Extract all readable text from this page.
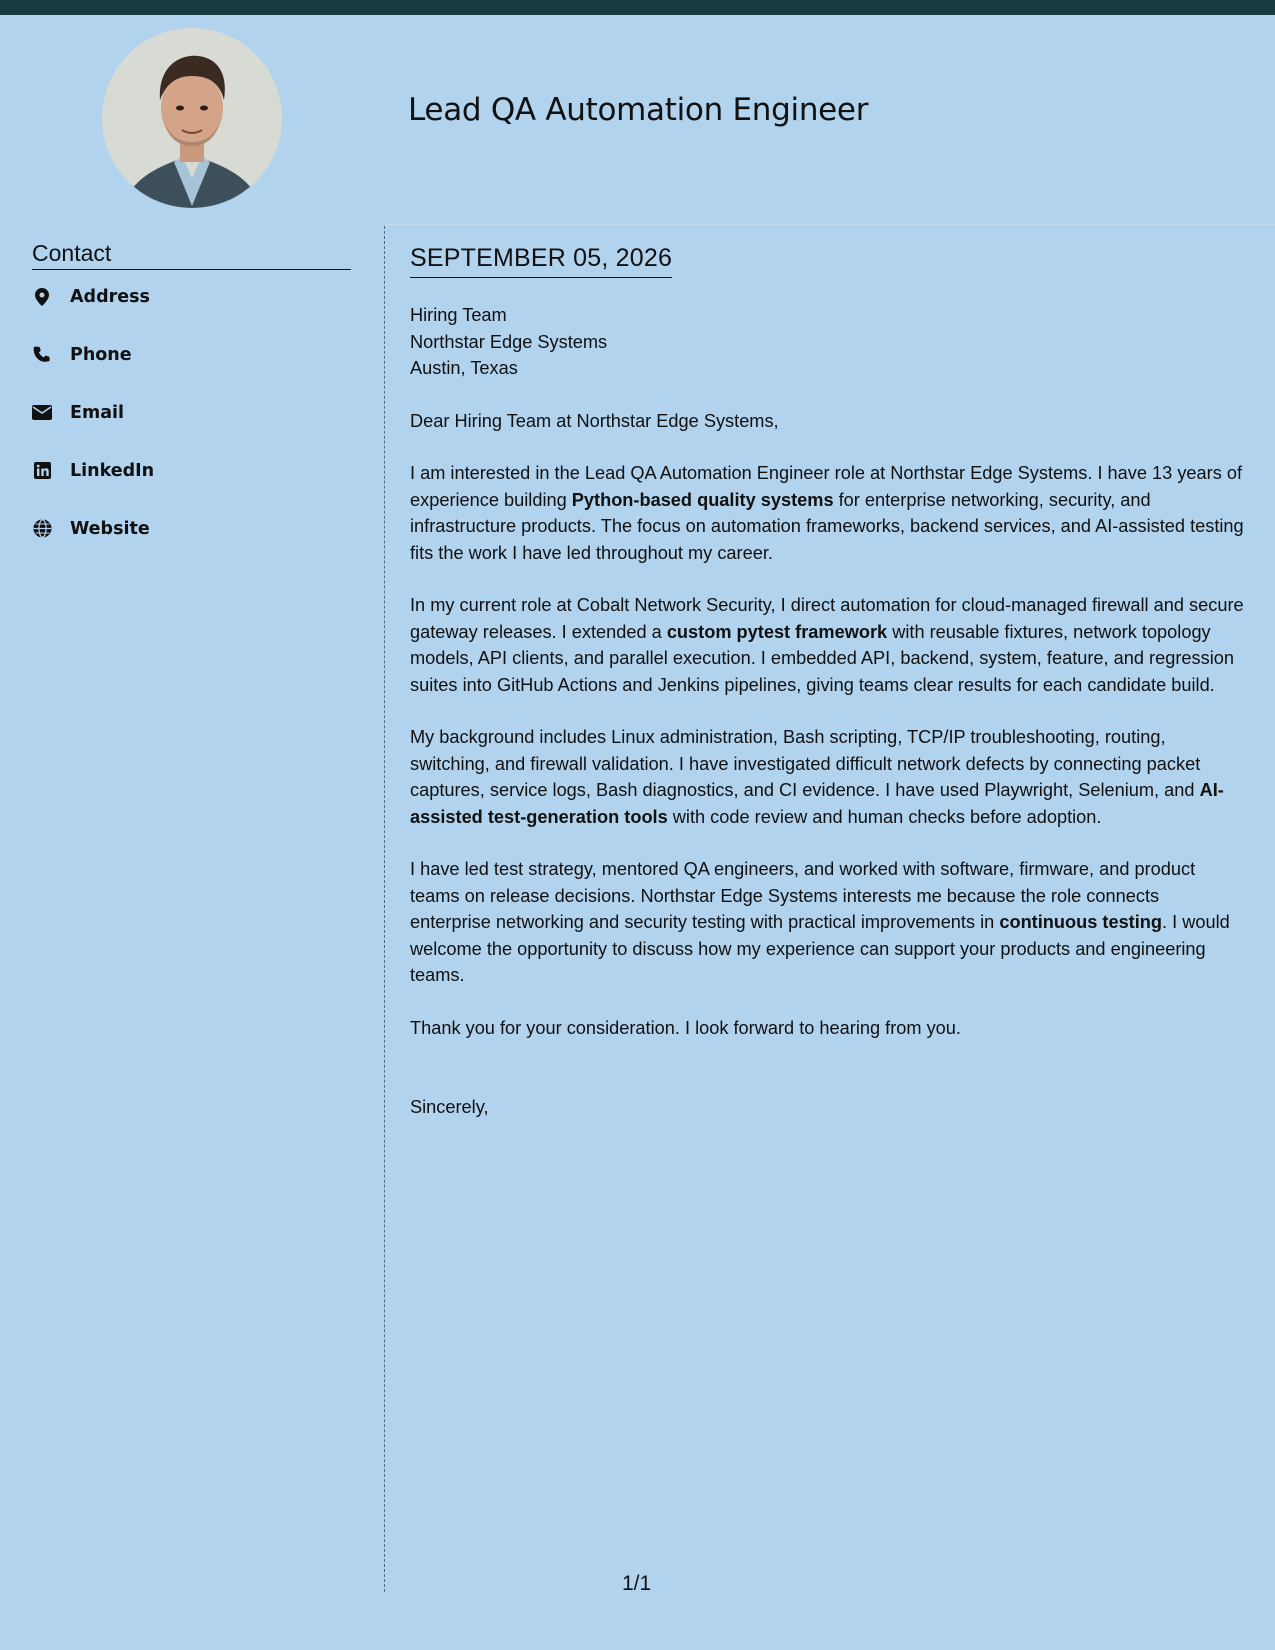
Lead QA Automation Engineer
Contact
Address
Phone
Email
LinkedIn
Website
SEPTEMBER 05, 2026

Hiring Team
Northstar Edge Systems
Austin, Texas

Dear Hiring Team at Northstar Edge Systems,

I am interested in the Lead QA Automation Engineer role at Northstar Edge Systems. I have 13 years of experience building Python-based quality systems for enterprise networking, security, and infrastructure products. The focus on automation frameworks, backend services, and AI-assisted testing fits the work I have led throughout my career.

In my current role at Cobalt Network Security, I direct automation for cloud-managed firewall and secure gateway releases. I extended a custom pytest framework with reusable fixtures, network topology models, API clients, and parallel execution. I embedded API, backend, system, feature, and regression suites into GitHub Actions and Jenkins pipelines, giving teams clear results for each candidate build.

My background includes Linux administration, Bash scripting, TCP/IP troubleshooting, routing, switching, and firewall validation. I have investigated difficult network defects by connecting packet captures, service logs, Bash diagnostics, and CI evidence. I have used Playwright, Selenium, and AI-assisted test-generation tools with code review and human checks before adoption.

I have led test strategy, mentored QA engineers, and worked with software, firmware, and product teams on release decisions. Northstar Edge Systems interests me because the role connects enterprise networking and security testing with practical improvements in continuous testing. I would welcome the opportunity to discuss how my experience can support your products and engineering teams.

Thank you for your consideration. I look forward to hearing from you.

Sincerely,

1/1
